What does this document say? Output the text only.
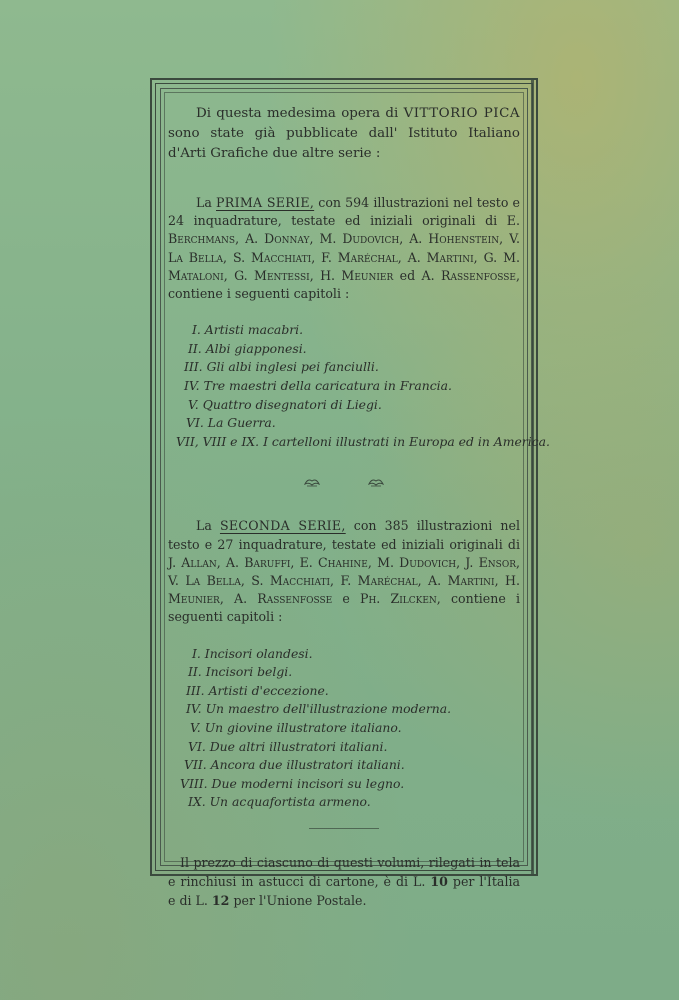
Di questa medesima opera di VITTORIO PICA sono state già pubblicate dall' Istituto Italiano d'Arti Grafiche due altre serie :

La PRIMA SERIE, con 594 illustrazioni nel testo e 24 inquadrature, testate ed iniziali originali di E. Berchmans, A. Donnay, M. Dudovich, A. Hohenstein, V. La Bella, S. Macchiati, F. Maréchal, A. Martini, G. M. Mataloni, G. Mentessi, H. Meunier ed A. Rassenfosse, contiene i seguenti capitoli :

I. Artisti macabri.
II. Albi giapponesi.
III. Gli albi inglesi pei fanciulli.
IV. Tre maestri della caricatura in Francia.
V. Quattro disegnatori di Liegi.
VI. La Guerra.
VII, VIII e IX. I cartelloni illustrati in Europa ed in America.

La SECONDA SERIE, con 385 illustrazioni nel testo e 27 inquadrature, testate ed iniziali originali di J. Allan, A. Baruffi, E. Chahine, M. Dudovich, J. Ensor, V. La Bella, S. Macchiati, F. Maréchal, A. Martini, H. Meunier, A. Rassenfosse e Ph. Zilcken, contiene i seguenti capitoli :

I. Incisori olandesi.
II. Incisori belgi.
III. Artisti d'eccezione.
IV. Un maestro dell'illustrazione moderna.
V. Un giovine illustratore italiano.
VI. Due altri illustratori italiani.
VII. Ancora due illustratori italiani.
VIII. Due moderni incisori su legno.
IX. Un acquafortista armeno.

Il prezzo di ciascuno di questi volumi, rilegati in tela e rinchiusi in astucci di cartone, è di L. 10 per l'Italia e di L. 12 per l'Unione Postale.
